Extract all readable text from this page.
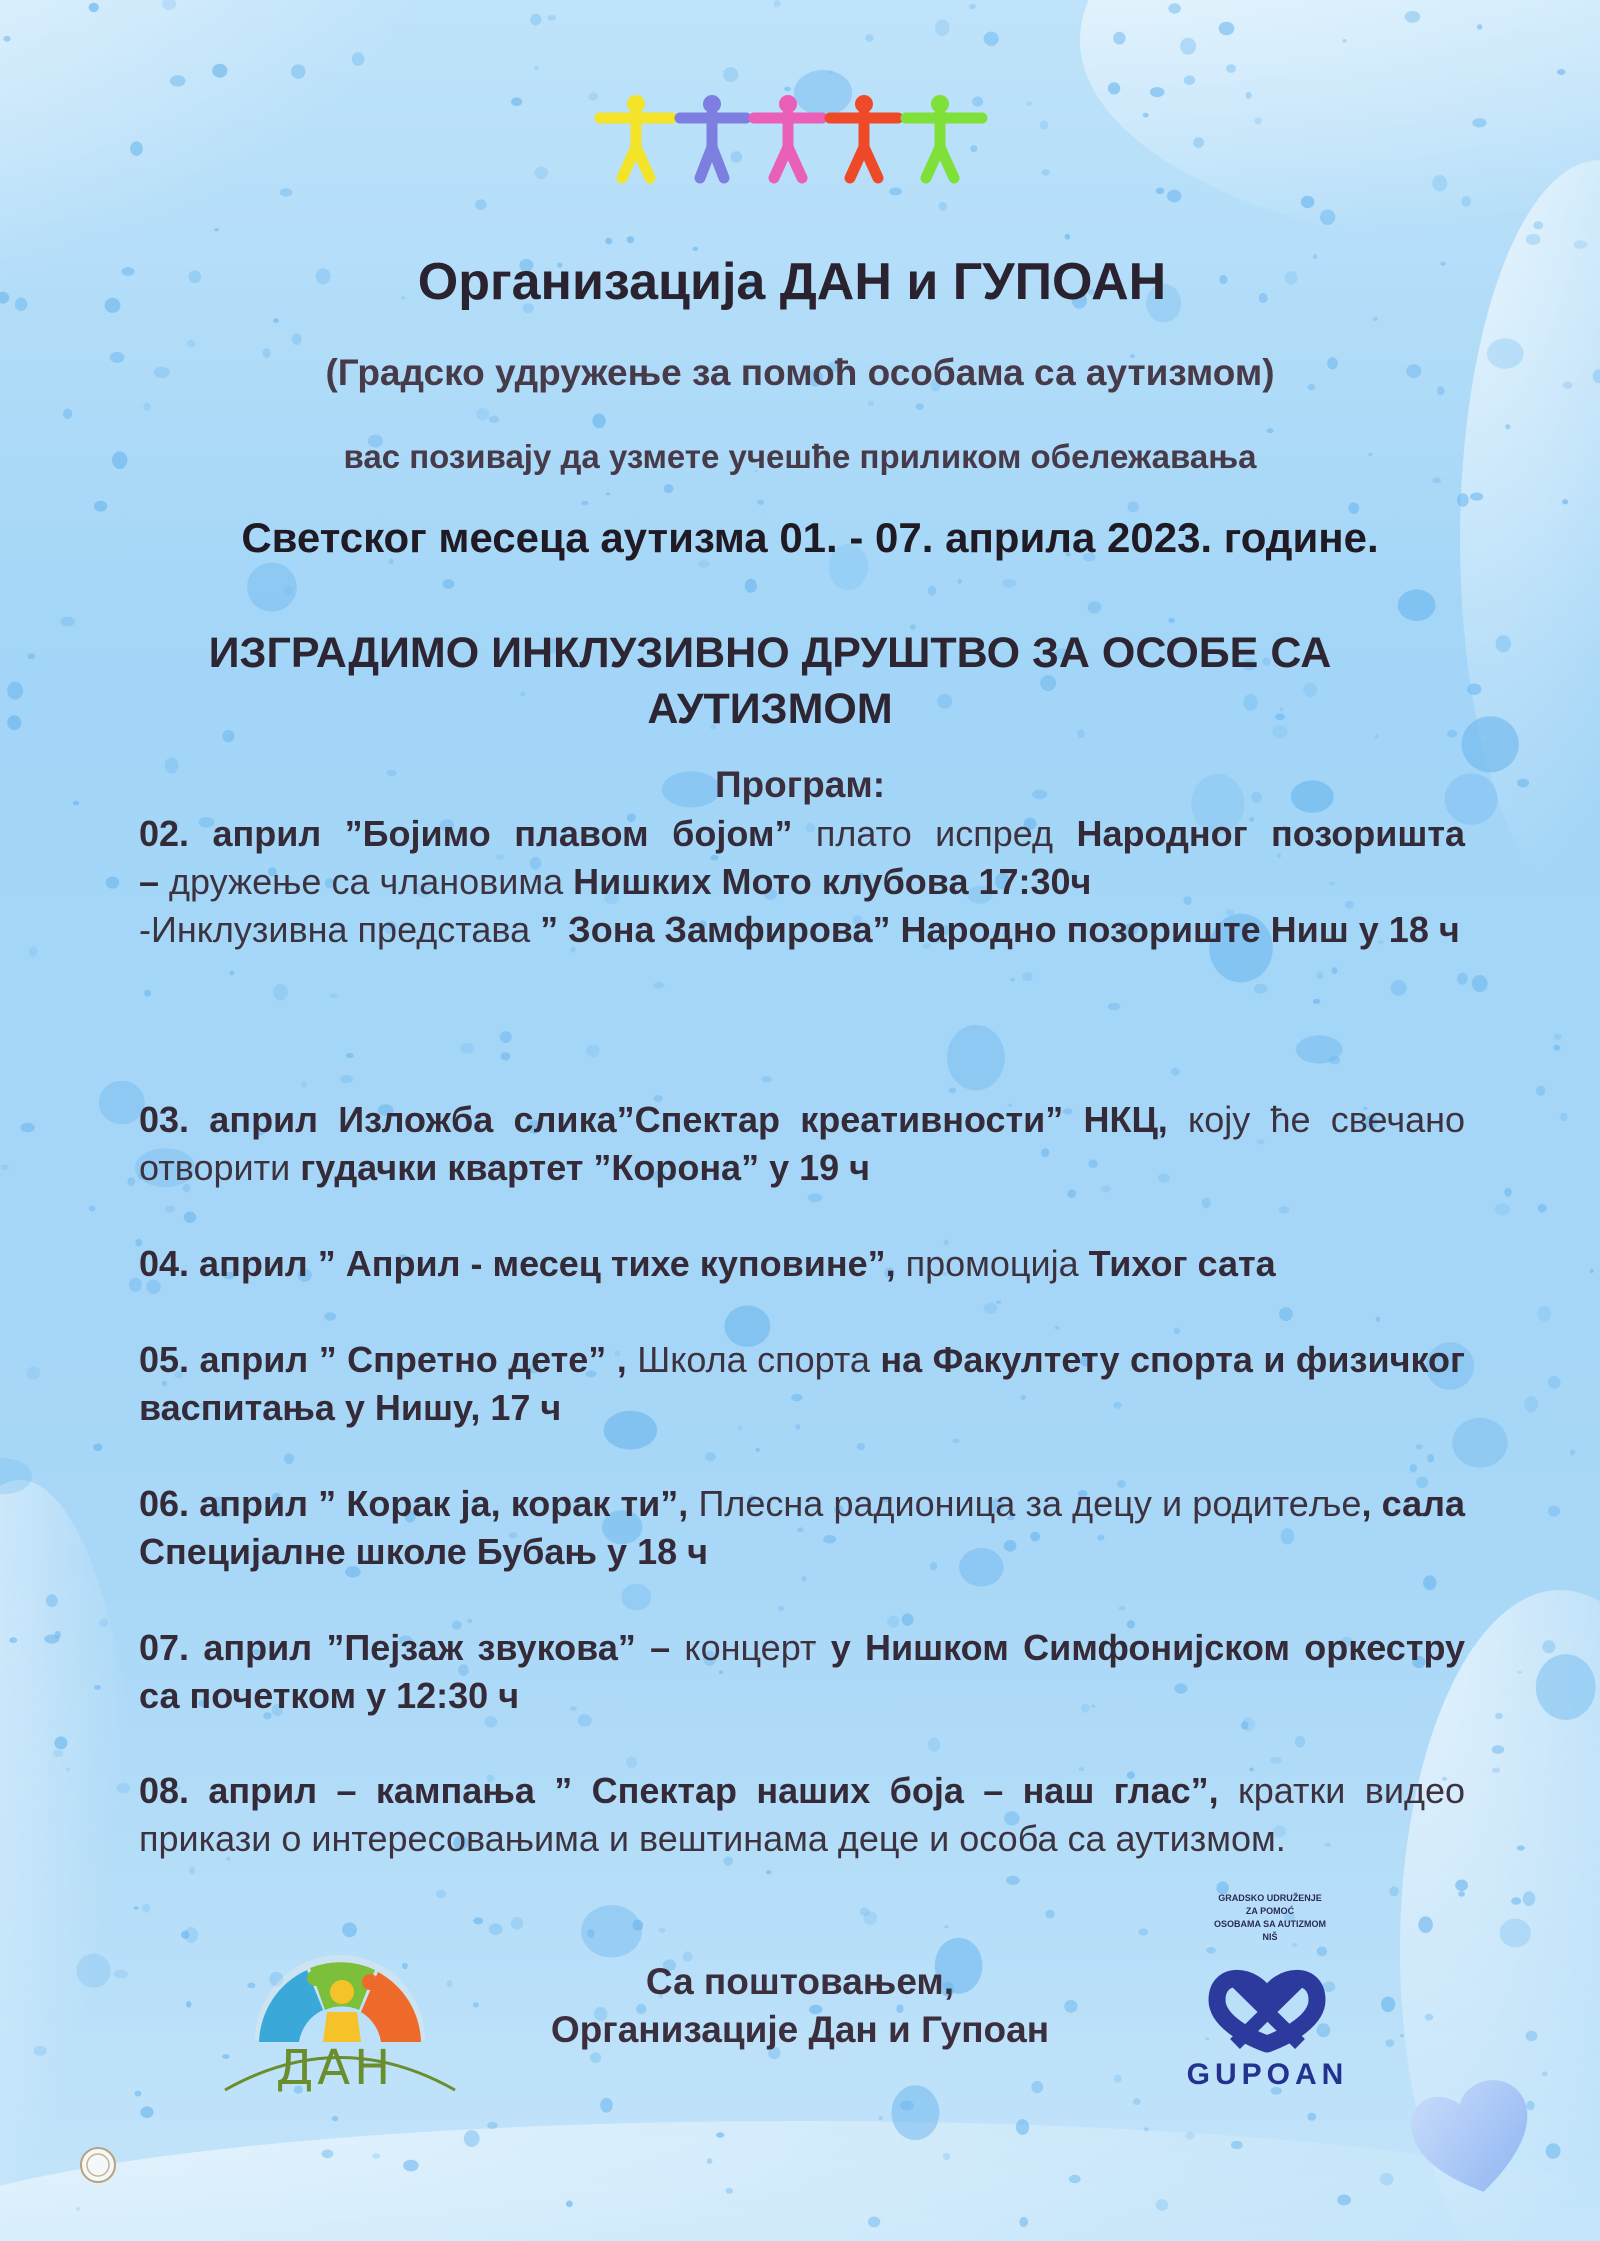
Организација ДАН и ГУПОАН
(Градско удружење за помоћ особама са аутизмом)
вас позивају да узмете учешће приликом обележавања
Светског месеца аутизма 01. - 07. априла 2023. године.
ИЗГРАДИМО ИНКЛУЗИВНО ДРУШТВО ЗА ОСОБЕ СА
АУТИЗМОМ
Програм:
02. април ”Бојимо плавом бојом” плато испред Народног позоришта
– дружење са члановима Нишких Мото клубова 17:30ч
-Инклузивна представа ” Зона Замфирова” Народно позориште Ниш у 18 ч
03. април Изложба слика”Спектар креативности” НКЦ, коју ће свечано отворити гудачки квартет ”Корона” у 19 ч
04. април ” Април - месец тихе куповине”, промоција Тихог сата
05. април ” Спретно дете” , Школа спорта на Факултету спорта и физичког васпитања у Нишу, 17 ч
06. април ” Корак ја, корак ти”, Плесна радионица за децу и родитеље, сала Специјалне школе Бубањ у 18 ч
07. април ”Пејзаж звукова” – концерт у Нишком Симфонијском оркестру са почетком у 12:30 ч
08. април – кампања ” Спектар наших боја – наш глас”, кратки видео прикази о интересовањима и вештинама деце и особа са аутизмом.
ДАН
Са поштовањем,
Организације Дан и Гупоан
GRADSKO UDRUŽENJE
ZA POMOĆ
OSOBAMA SA AUTIZMOM
NIŠ
GUPOAN
